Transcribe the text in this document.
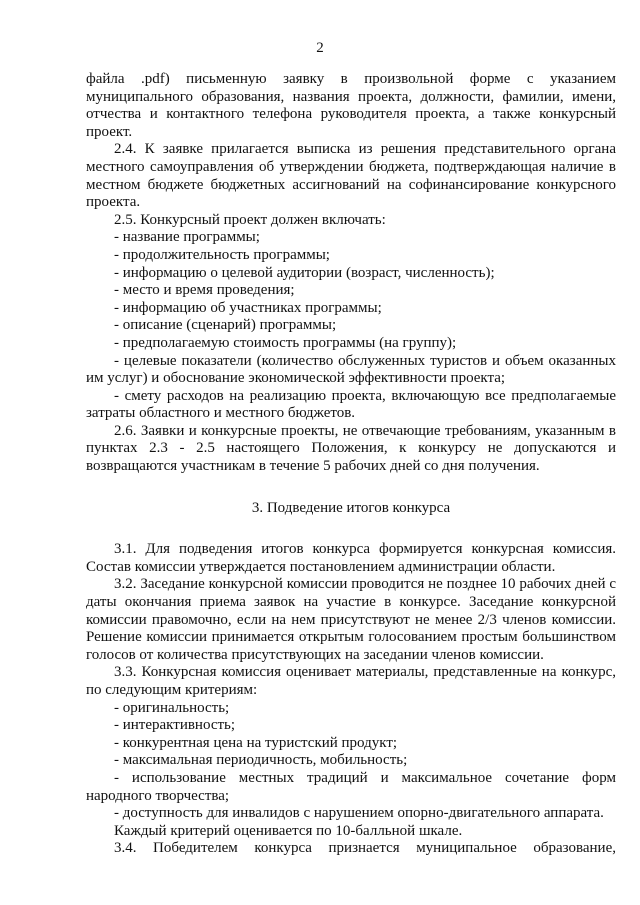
2

файла .pdf) письменную заявку в произвольной форме с указанием муниципального образования, названия проекта, должности, фамилии, имени, отчества и контактного телефона руководителя проекта, а также конкурсный проект.

2.4. К заявке прилагается выписка из решения представительного органа местного самоуправления об утверждении бюджета, подтверждающая наличие в местном бюджете бюджетных ассигнований на софинансирование конкурсного проекта.

2.5. Конкурсный проект должен включать:

- название программы;

- продолжительность программы;

- информацию о целевой аудитории (возраст, численность);

- место и время проведения;

- информацию об участниках программы;

- описание (сценарий) программы;

- предполагаемую стоимость программы (на группу);

- целевые показатели (количество обслуженных туристов и объем оказанных им услуг) и обоснование экономической эффективности проекта;

- смету расходов на реализацию проекта, включающую все предполагаемые затраты областного и местного бюджетов.

2.6. Заявки и конкурсные проекты, не отвечающие требованиям, указанным в пунктах 2.3 - 2.5 настоящего Положения, к конкурсу не допускаются и возвращаются участникам в течение 5 рабочих дней со дня получения.

3. Подведение итогов конкурса

3.1. Для подведения итогов конкурса формируется конкурсная комиссия. Состав комиссии утверждается постановлением администрации области.

3.2. Заседание конкурсной комиссии проводится не позднее 10 рабочих дней с даты окончания приема заявок на участие в конкурсе. Заседание конкурсной комиссии правомочно, если на нем присутствуют не менее 2/3 членов комиссии. Решение комиссии принимается открытым голосованием простым большинством голосов от количества присутствующих на заседании членов комиссии.

3.3. Конкурсная комиссия оценивает материалы, представленные на конкурс, по следующим критериям:

- оригинальность;

- интерактивность;

- конкурентная цена на туристский продукт;

- максимальная периодичность, мобильность;

- использование местных традиций и максимальное сочетание форм народного творчества;

- доступность для инвалидов с нарушением опорно-двигательного аппарата.

Каждый критерий оценивается по 10-балльной шкале.

3.4. Победителем конкурса признается муниципальное образование,
